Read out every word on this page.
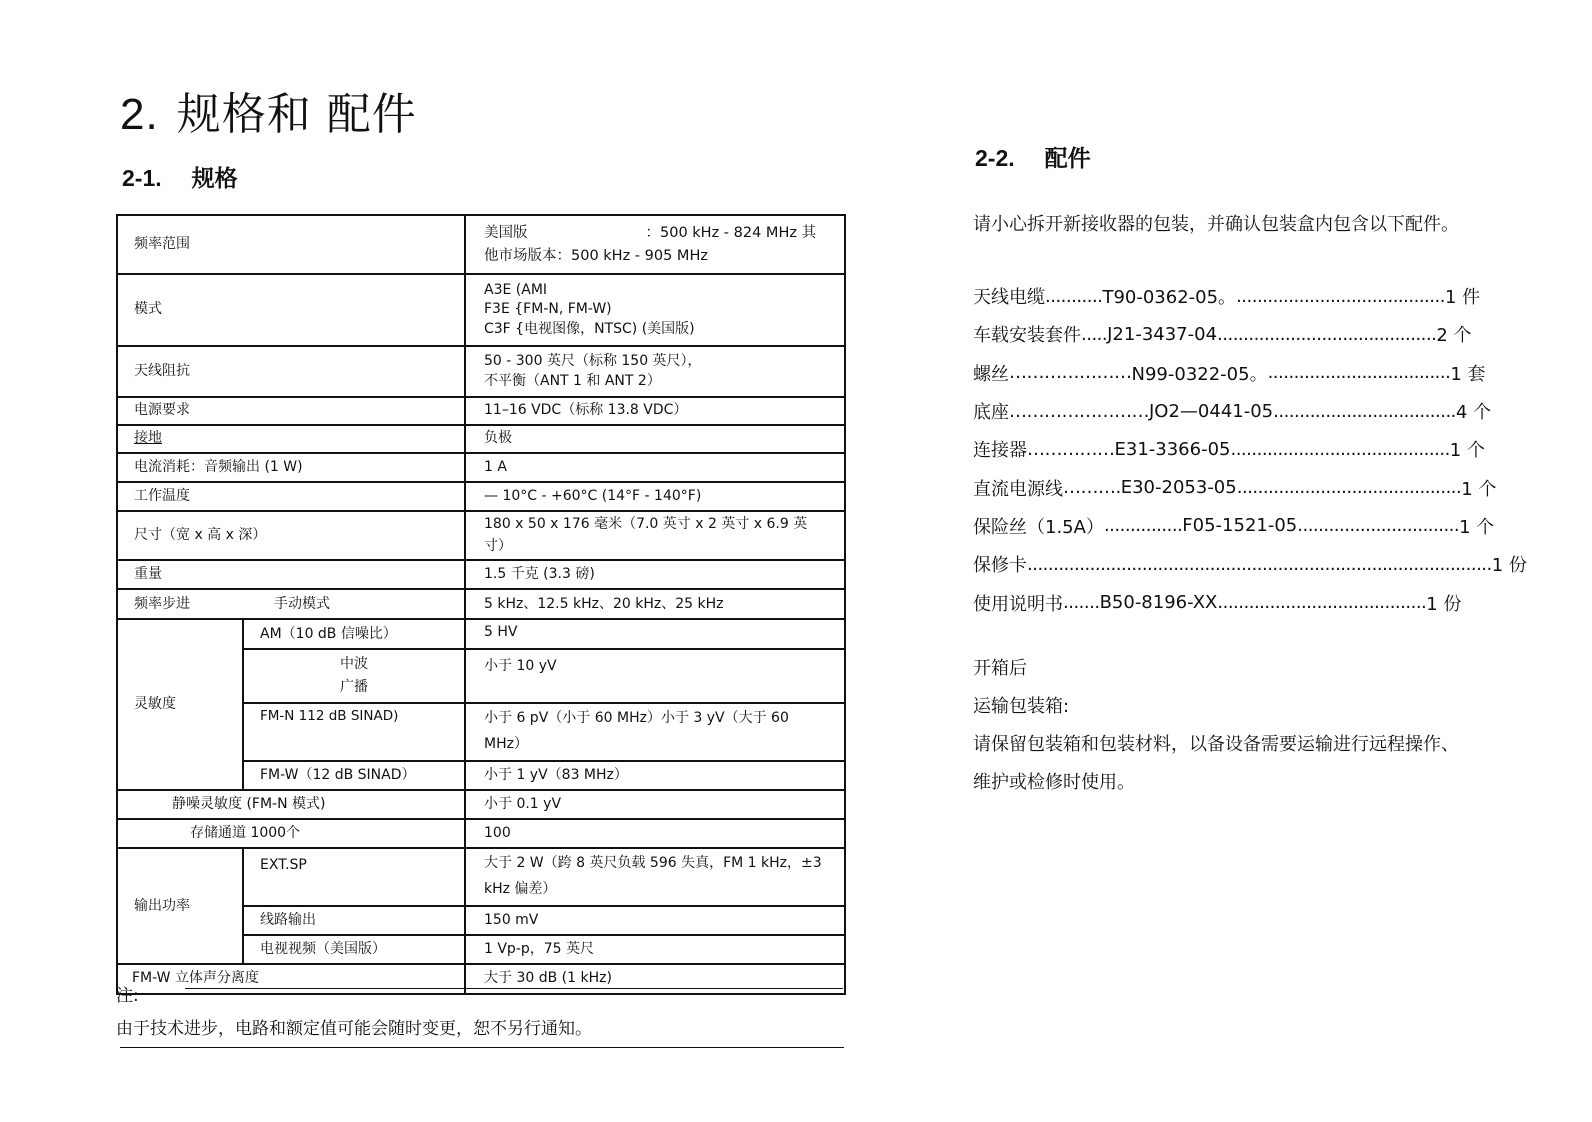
2. 规格和 配件
2-1. 规格
频率范围		美国版 ：500 kHz - 824 MHz 其
他市场版本：500 kHz - 905 MHz

模式		A3E (AMI
F3E {FM-N, FM-W)
C3F {电视图像，NTSC) (美国版)

天线阻抗		50 - 300 英尺（标称 150 英尺），
不平衡（ANT 1 和 ANT 2）

电源要求		11–16 VDC（标称 13.8 VDC）
接地		负极
电流消耗：音频输出 (1 W)		1 A
工作温度		— 10°C - +60°C (14°F - 140°F)
尺寸（宽 x 高 x 深）		180 x 50 x 176 毫米（7.0 英寸 x 2 英寸 x 6.9 英寸）
重量		1.5 千克 (3.3 磅)
频率步进 手动模式		5 kHz、12.5 kHz、20 kHz、25 kHz
灵敏度	AM（10 dB 信噪比）	5 HV

	中波
广播	小于 10 yV
	FM-N 112 dB SINAD)	小于 6 pV（小于 60 MHz）小于 3 yV（大于 60 MHz）
	FM-W（12 dB SINAD）	小于 1 yV（83 MHz）
静噪灵敏度 (FM-N 模式)		小于 0.1 yV
存储通道 1000个		100
输出功率	EXT.SP	大于 2 W（跨 8 英尺负载 596 失真，FM 1 kHz，±3 kHz 偏差）
	线路输出	150 mV
	电视视频（美国版）	1 Vp-p，75 英尺
FM-W 立体声分离度		大于 30 dB (1 kHz)
注:
由于技术进步，电路和额定值可能会随时变更，恕不另行通知。
2-2. 配件
请小心拆开新接收器的包装，并确认包装盒内包含以下配件。
天线电缆 ........... T90-0362-05。 ........................................ 1 件
车载安装套件 ..... J21-3437-04 .......................................... 2 个
螺丝 ………………… N99-0322-05。 ................................... 1 套
底座 …………………… JO2—0441-05 ................................... 4 个
连接器 …………… E31-3366-05 .......................................... 1 个
直流电源线 ………. E30-2053-05 ........................................... 1 个
保险丝（1.5A） ............... F05-1521-05 ............................... 1 个
保修卡 ......................................................................................... 1 份
使用说明书 ....... B50-8196-XX ........................................ 1 份
开箱后
运输包装箱:
请保留包装箱和包装材料，以备设备需要运输进行远程操作、
维护或检修时使用。
